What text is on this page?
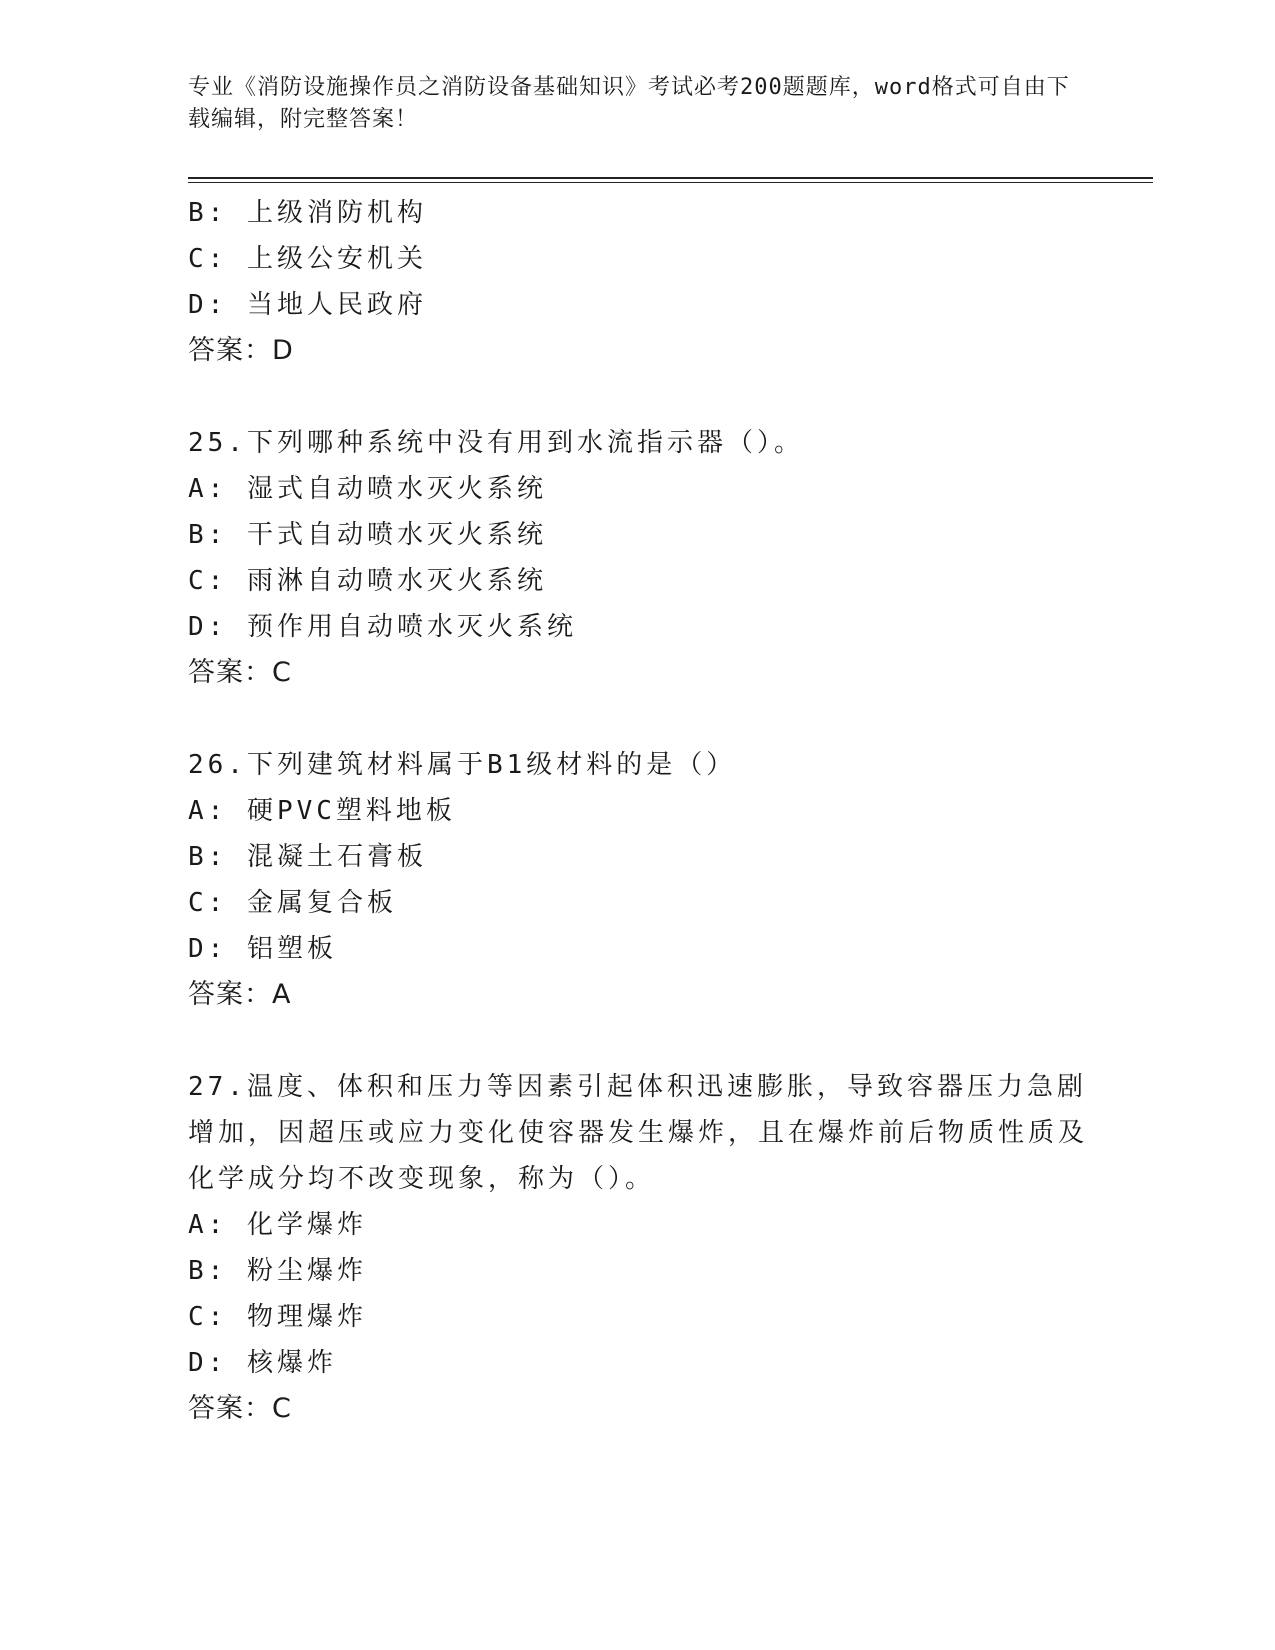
专业《消防设施操作员之消防设备基础知识》考试必考200题题库，word格式可自由下载编辑，附完整答案！
B: 上级消防机构
C: 上级公安机关
D: 当地人民政府
答案：D
25.下列哪种系统中没有用到水流指示器（）。
A: 湿式自动喷水灭火系统
B: 干式自动喷水灭火系统
C: 雨淋自动喷水灭火系统
D: 预作用自动喷水灭火系统
答案：C
26.下列建筑材料属于B1级材料的是（）
A: 硬PVC塑料地板
B: 混凝土石膏板
C: 金属复合板
D: 铝塑板
答案：A
27.温度、体积和压力等因素引起体积迅速膨胀，导致容器压力急剧增加，因超压或应力变化使容器发生爆炸，且在爆炸前后物质性质及化学成分均不改变现象，称为（）。
A: 化学爆炸
B: 粉尘爆炸
C: 物理爆炸
D: 核爆炸
答案：C
